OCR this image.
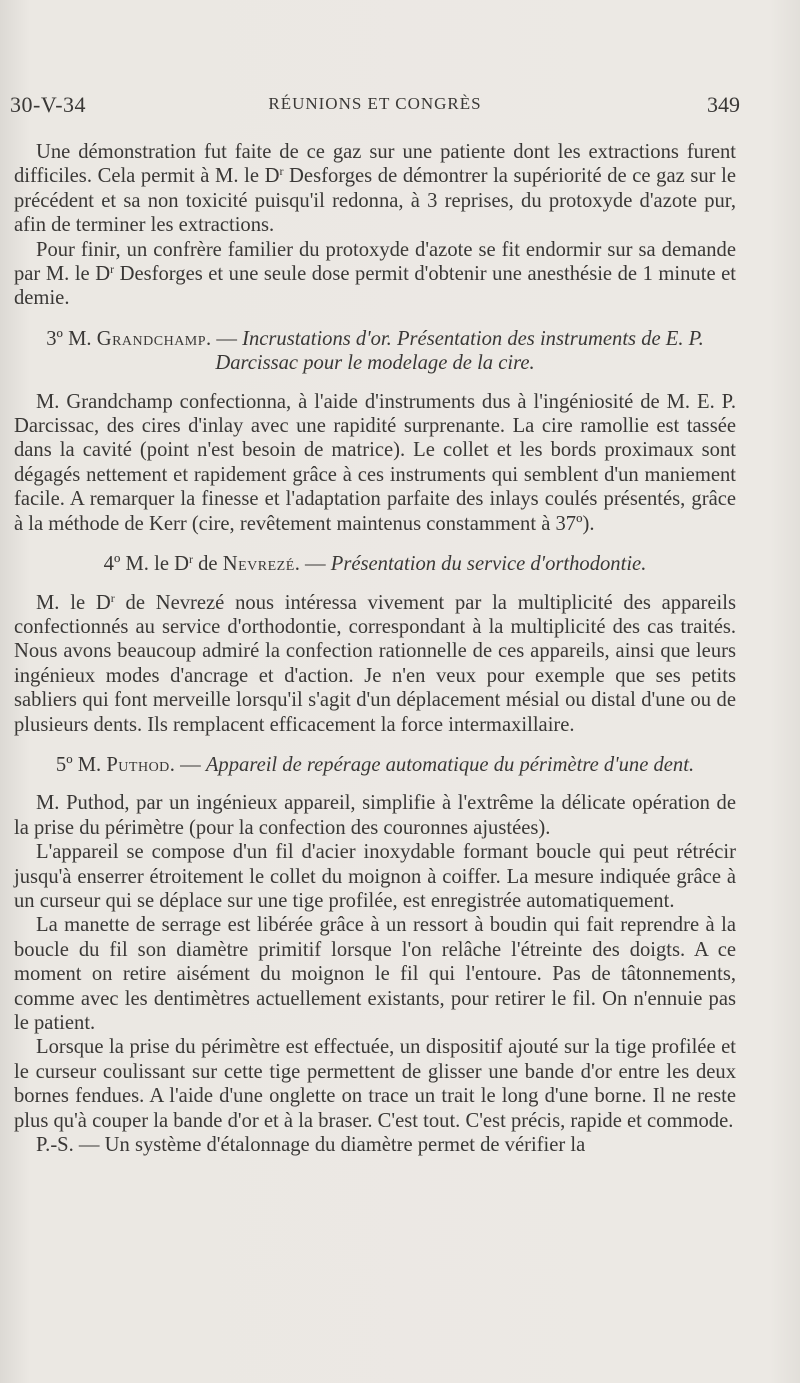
30-V-34	RÉUNIONS ET CONGRÈS	349

Une démonstration fut faite de ce gaz sur une patiente dont les extractions furent difficiles. Cela permit à M. le $D^r$ Desforges de démontrer la supériorité de ce gaz sur le précédent et sa non toxicité puisqu'il redonna, à 3 reprises, du protoxyde d'azote pur, afin de terminer les extractions.

Pour finir, un confrère familier du protoxyde d'azote se fit endormir sur sa demande par M. le $D^r$ Desforges et une seule dose permit d'obtenir une anesthésie de 1 minute et demie.

3º M. Grandchamp. — Incrustations d'or. Présentation des instruments de E. P. Darcissac pour le modelage de la cire.

M. Grandchamp confectionna, à l'aide d'instruments dus à l'ingéniosité de M. E. P. Darcissac, des cires d'inlay avec une rapidité surprenante. La cire ramollie est tassée dans la cavité (point n'est besoin de matrice). Le collet et les bords proximaux sont dégagés nettement et rapidement grâce à ces instruments qui semblent d'un maniement facile. A remarquer la finesse et l'adaptation parfaite des inlays coulés présentés, grâce à la méthode de Kerr (cire, revêtement maintenus constamment à 37º).

4º M. le $D^r$ de Nevrezé. — Présentation du service d'orthodontie.

M. le $D^r$ de Nevrezé nous intéressa vivement par la multiplicité des appareils confectionnés au service d'orthodontie, correspondant à la multiplicité des cas traités. Nous avons beaucoup admiré la confection rationnelle de ces appareils, ainsi que leurs ingénieux modes d'ancrage et d'action. Je n'en veux pour exemple que ses petits sabliers qui font merveille lorsqu'il s'agit d'un déplacement mésial ou distal d'une ou de plusieurs dents. Ils remplacent efficacement la force intermaxillaire.

5º M. Puthod. — Appareil de repérage automatique du périmètre d'une dent.

M. Puthod, par un ingénieux appareil, simplifie à l'extrême la délicate opération de la prise du périmètre (pour la confection des couronnes ajustées).

L'appareil se compose d'un fil d'acier inoxydable formant boucle qui peut rétrécir jusqu'à enserrer étroitement le collet du moignon à coiffer. La mesure indiquée grâce à un curseur qui se déplace sur une tige profilée, est enregistrée automatiquement.

La manette de serrage est libérée grâce à un ressort à boudin qui fait reprendre à la boucle du fil son diamètre primitif lorsque l'on relâche l'étreinte des doigts. A ce moment on retire aisément du moignon le fil qui l'entoure. Pas de tâtonnements, comme avec les dentimètres actuellement existants, pour retirer le fil. On n'ennuie pas le patient.

Lorsque la prise du périmètre est effectuée, un dispositif ajouté sur la tige profilée et le curseur coulissant sur cette tige permettent de glisser une bande d'or entre les deux bornes fendues. A l'aide d'une onglette on trace un trait le long d'une borne. Il ne reste plus qu'à couper la bande d'or et à la braser. C'est tout. C'est précis, rapide et commode.

P.-S. — Un système d'étalonnage du diamètre permet de vérifier la
